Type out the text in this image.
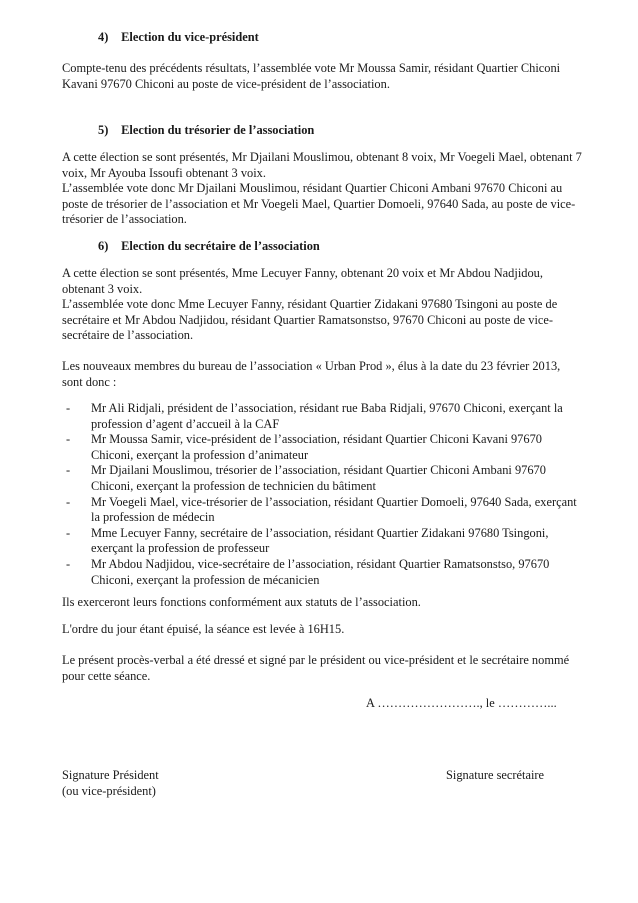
4) Election du vice-président

Compte-tenu des précédents résultats, l’assemblée vote Mr Moussa Samir, résidant Quartier Chiconi Kavani 97670 Chiconi au poste de vice-président de l’association.

5) Election du trésorier de l’association

A cette élection se sont présentés, Mr Djailani Mouslimou, obtenant 8 voix, Mr Voegeli Mael, obtenant 7 voix, Mr Ayouba Issoufi obtenant 3 voix.

L’assemblée vote donc Mr Djailani Mouslimou, résidant Quartier Chiconi Ambani 97670 Chiconi au poste de trésorier de l’association et Mr Voegeli Mael, Quartier Domoeli, 97640 Sada, au poste de vice-trésorier de l’association.

6) Election du secrétaire de l’association

A cette élection se sont présentés, Mme Lecuyer Fanny, obtenant 20 voix et Mr Abdou Nadjidou, obtenant 3 voix.

L’assemblée vote donc Mme Lecuyer Fanny, résidant Quartier Zidakani 97680 Tsingoni au poste de secrétaire et Mr Abdou Nadjidou, résidant Quartier Ramatsonstso, 97670 Chiconi au poste de vice-secrétaire de l’association.

Les nouveaux membres du bureau de l’association « Urban Prod », élus à la date du 23 février 2013, sont donc :

- Mr Ali Ridjali, président de l’association, résidant rue Baba Ridjali, 97670 Chiconi, exerçant la profession d’agent d’accueil à la CAF
- Mr Moussa Samir, vice-président de l’association, résidant Quartier Chiconi Kavani 97670 Chiconi, exerçant la profession d’animateur
- Mr Djailani Mouslimou, trésorier de l’association, résidant Quartier Chiconi Ambani 97670 Chiconi, exerçant la profession de technicien du bâtiment
- Mr Voegeli Mael, vice-trésorier de l’association, résidant Quartier Domoeli, 97640 Sada, exerçant la profession de médecin
- Mme Lecuyer Fanny, secrétaire de l’association, résidant Quartier Zidakani 97680 Tsingoni, exerçant la profession de professeur
- Mr Abdou Nadjidou, vice-secrétaire de l’association, résidant Quartier Ramatsonstso, 97670 Chiconi, exerçant la profession de mécanicien

Ils exerceront leurs fonctions conformément aux statuts de l’association.

L'ordre du jour étant épuisé, la séance est levée à 16H15.

Le présent procès-verbal a été dressé et signé par le président ou vice-président et le secrétaire nommé pour cette séance.

A ……………………., le …………...

Signature Président
(ou vice-président)

Signature secrétaire
